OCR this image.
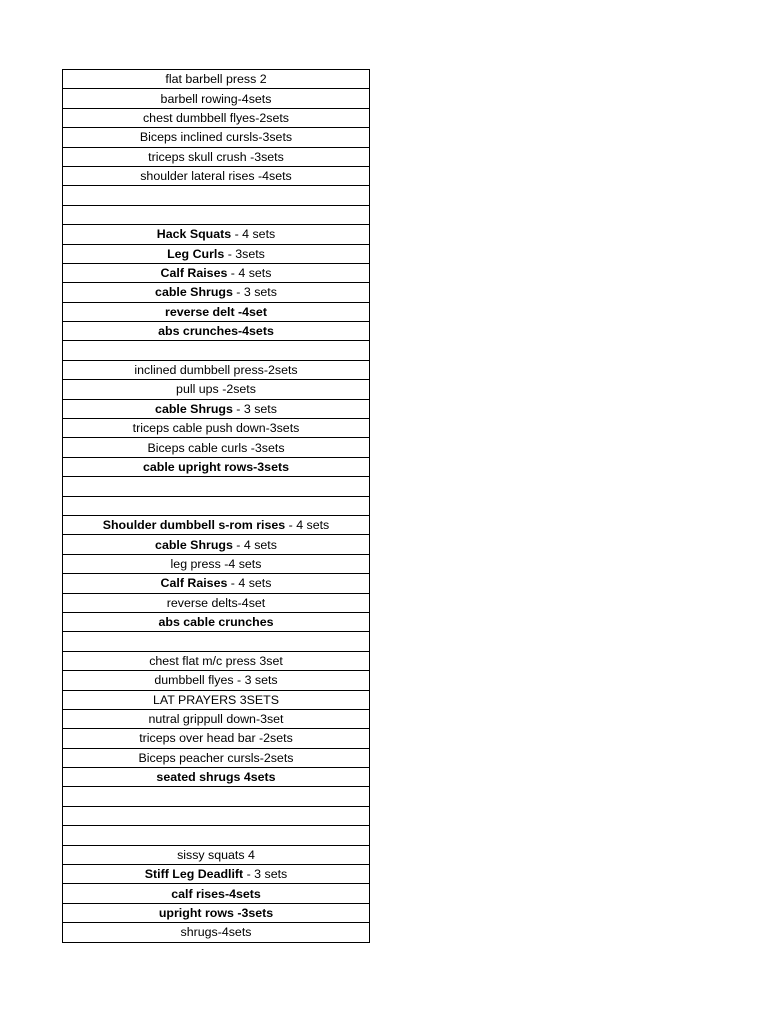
flat barbell press 2
barbell rowing-4sets
chest dumbbell flyes-2sets
Biceps inclined cursls-3sets
triceps skull crush -3sets
shoulder lateral rises -4sets

Hack Squats - 4 sets
Leg Curls - 3sets
Calf Raises - 4 sets
cable Shrugs - 3 sets
reverse delt -4set
abs crunches-4sets

inclined dumbbell press-2sets
pull ups -2sets
cable Shrugs - 3 sets
triceps cable push down-3sets
Biceps cable curls -3sets
cable upright rows-3sets

Shoulder dumbbell s-rom rises - 4 sets
cable Shrugs - 4 sets
leg press -4 sets
Calf Raises - 4 sets
reverse delts-4set
abs cable crunches

chest flat m/c press 3set
dumbbell flyes - 3 sets
LAT PRAYERS 3SETS
nutral grippull down-3set
triceps over head bar -2sets
Biceps peacher cursls-2sets
seated shrugs 4sets

sissy squats 4
Stiff Leg Deadlift - 3 sets
calf rises-4sets
upright rows -3sets
shrugs-4sets
